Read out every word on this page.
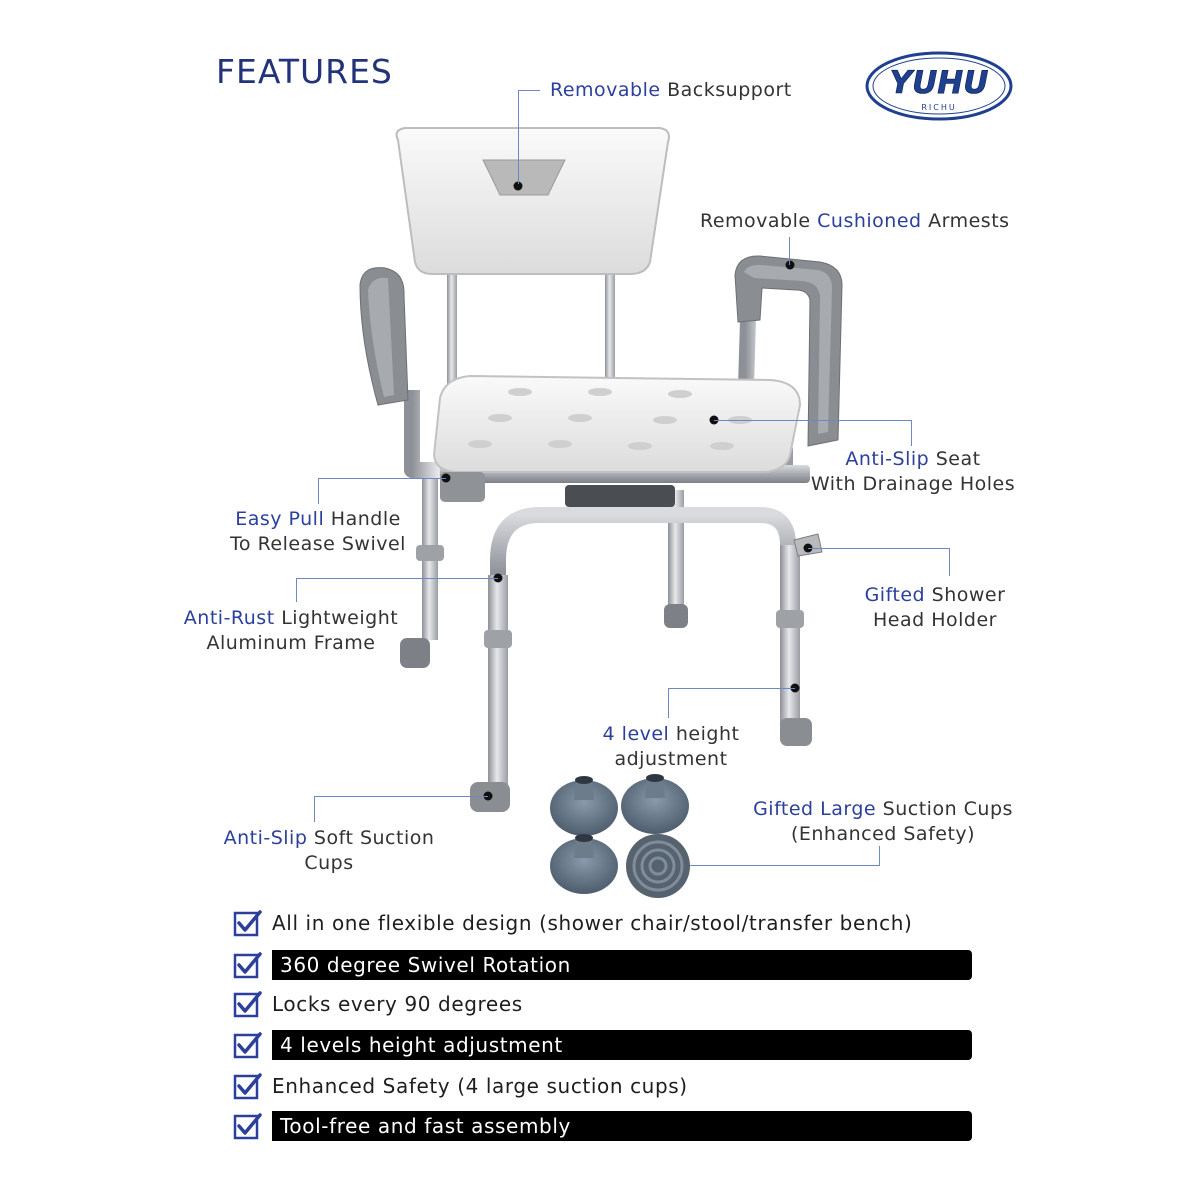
FEATURES	YUHU
RICHU
Removable Backsupport
Removable Cushioned Armests
Anti-Slip Seat
With Drainage Holes
Easy Pull Handle
To Release Swivel
Gifted Shower
Head Holder
Anti-Rust Lightweight
Aluminum Frame
4 level height
adjustment
Gifted Large Suction Cups
(Enhanced Safety)
Anti-Slip Soft Suction
Cups
All in one flexible design (shower chair/stool/transfer bench)
360 degree Swivel Rotation
Locks every 90 degrees
4 levels height adjustment
Enhanced Safety (4 large suction cups)
Tool-free and fast assembly
